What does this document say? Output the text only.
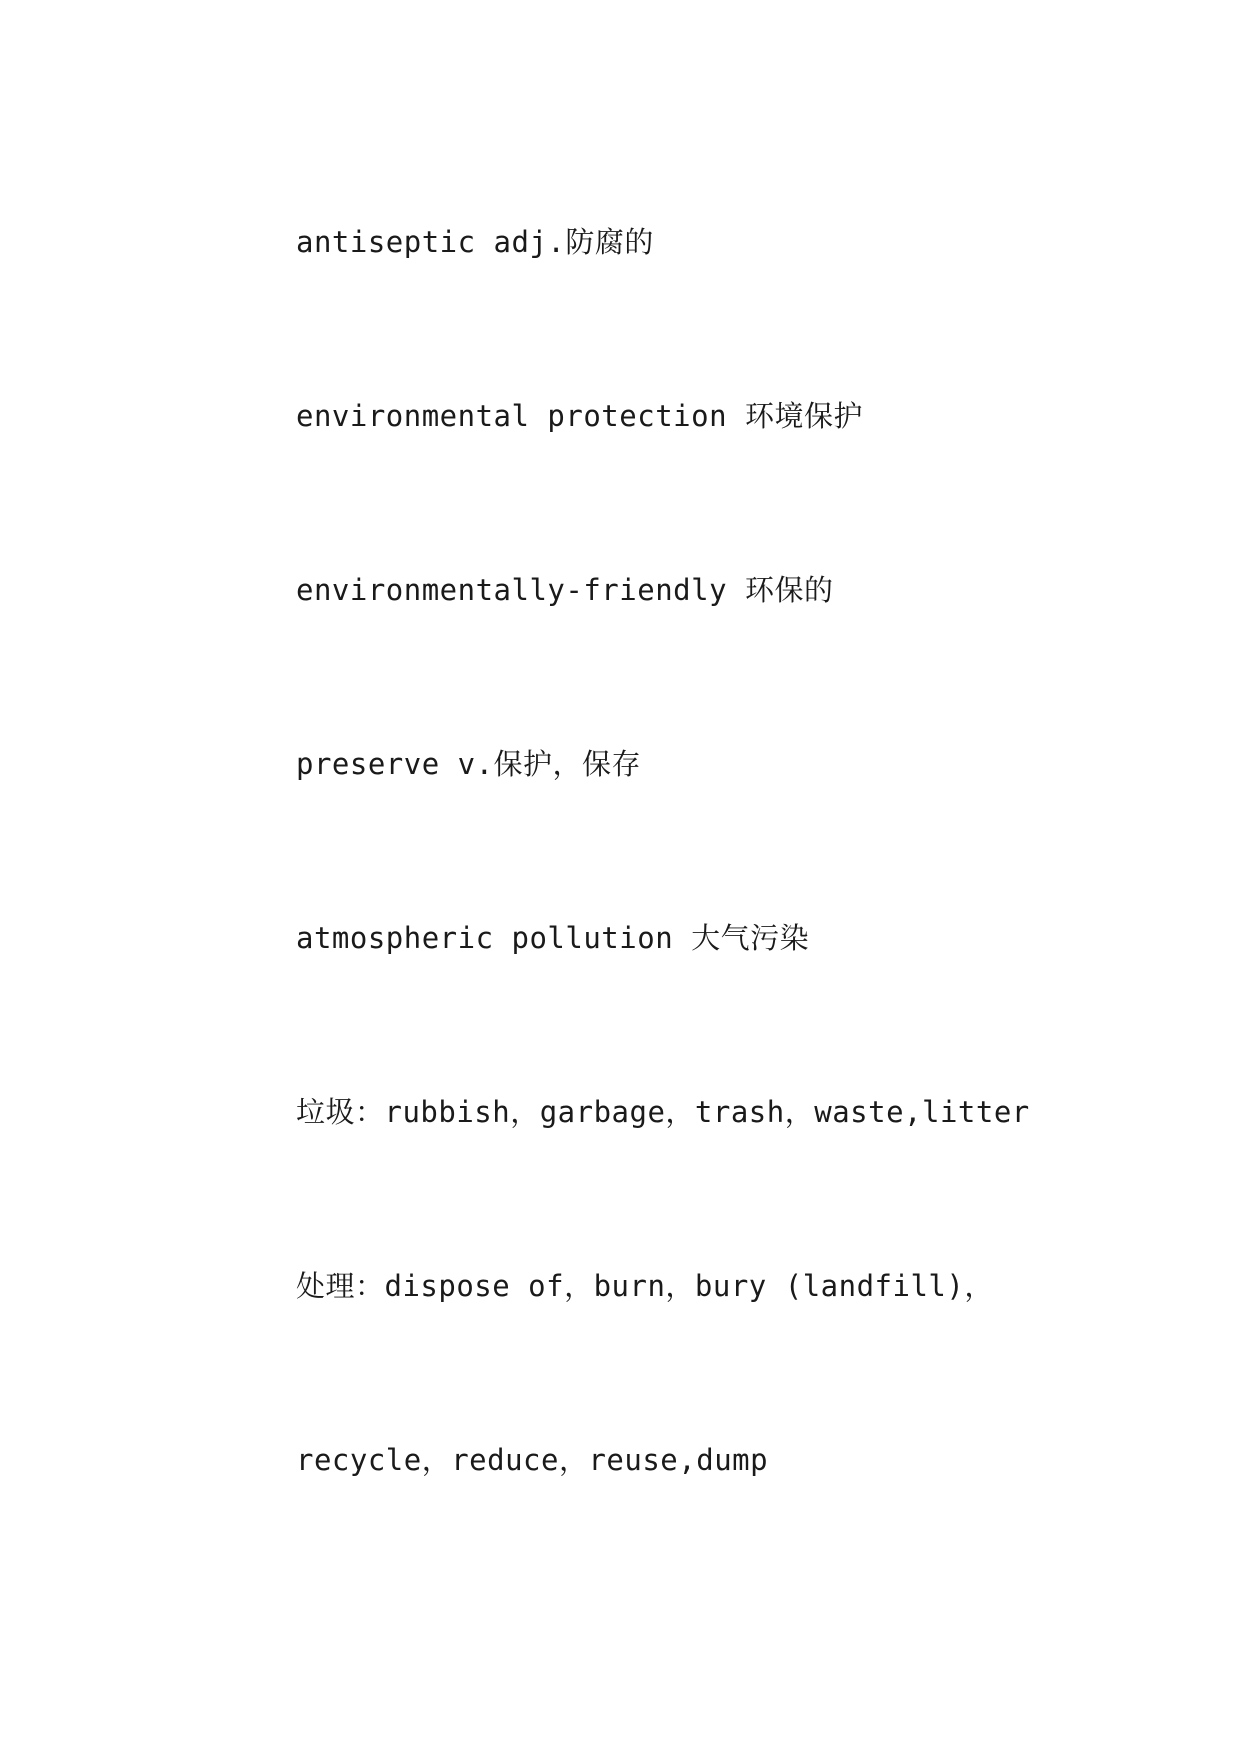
antiseptic adj.防腐的
environmental protection 环境保护
environmentally-friendly 环保的
preserve v.保护，保存
atmospheric pollution 大气污染
垃圾：rubbish，garbage，trash，waste,litter
处理：dispose of，burn，bury (landfill)，
recycle，reduce，reuse,dump
